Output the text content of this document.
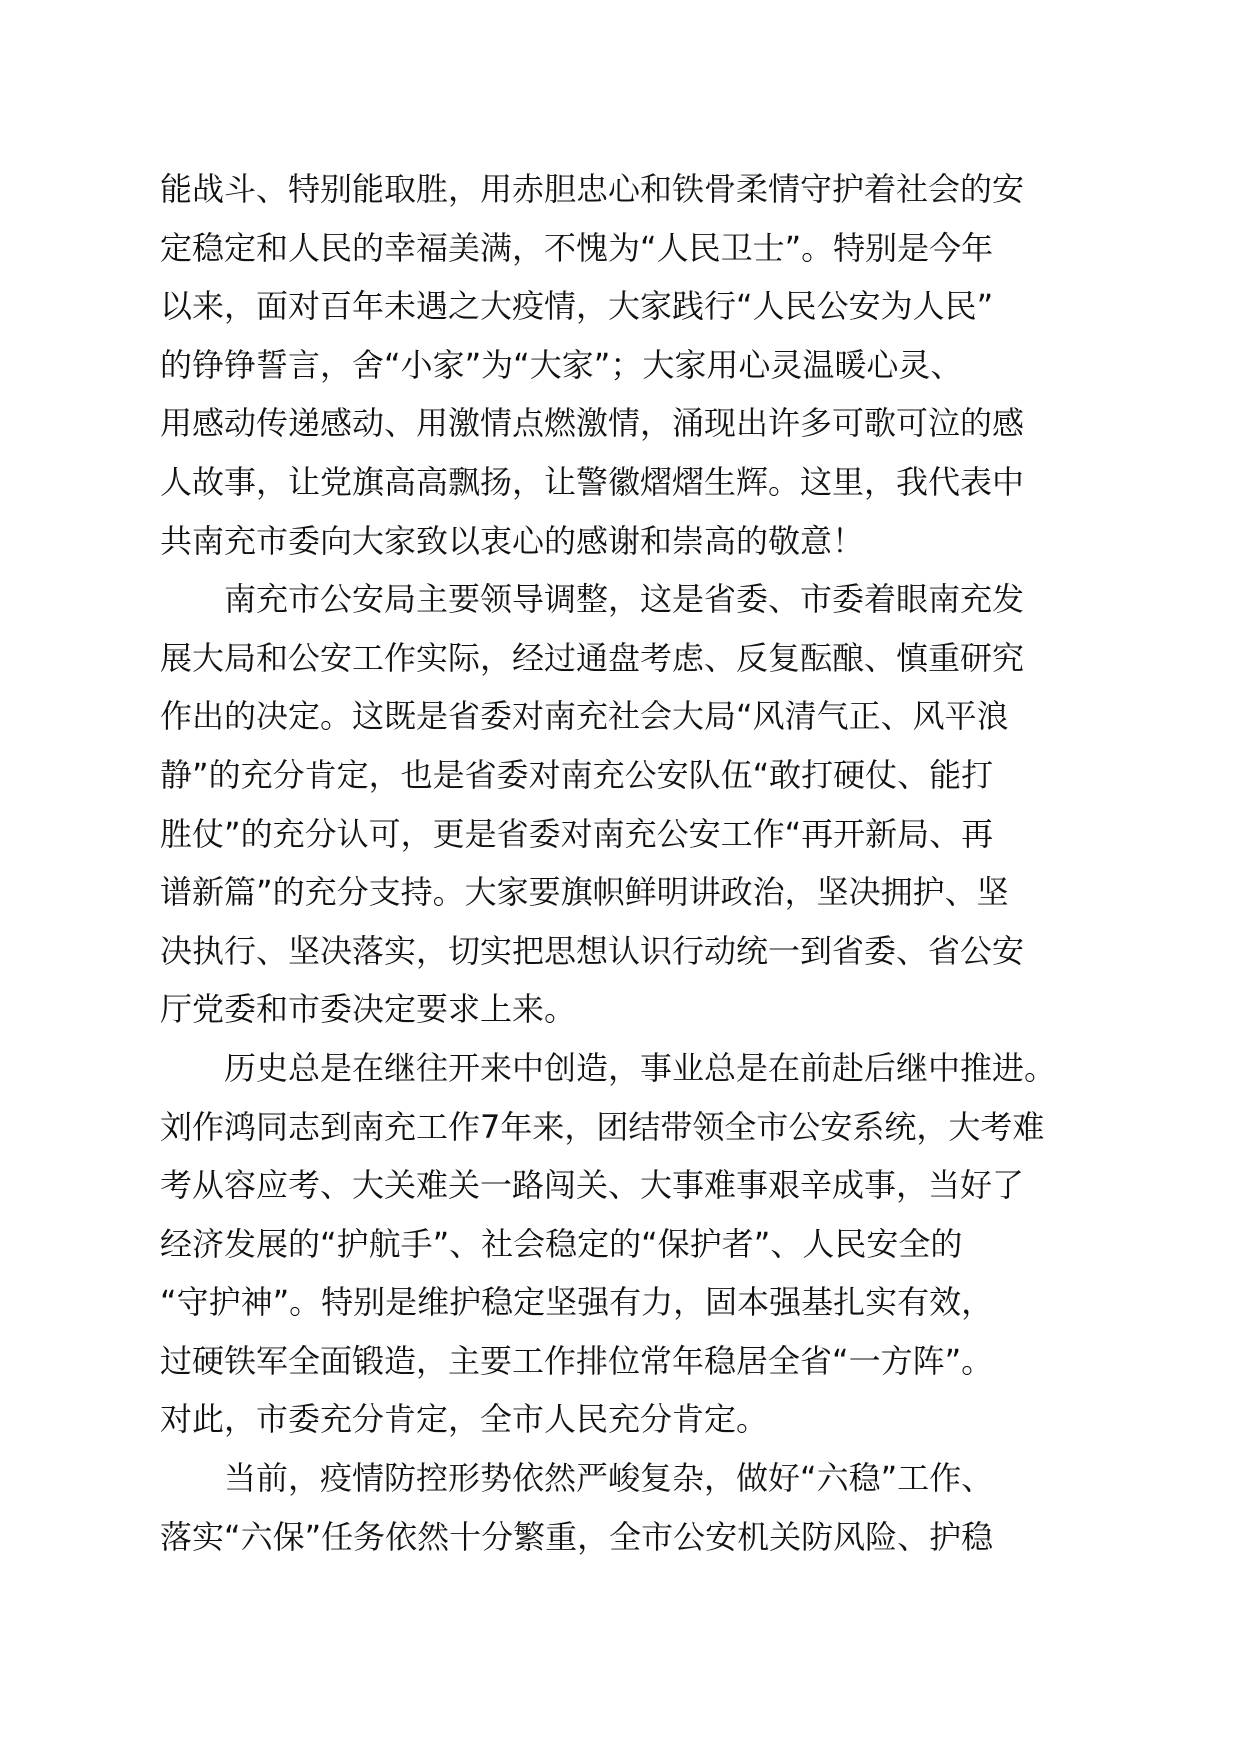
能战斗、特别能取胜，用赤胆忠心和铁骨柔情守护着社会的安
定稳定和人民的幸福美满，不愧为“人民卫士”。特别是今年
以来，面对百年未遇之大疫情，大家践行“人民公安为人民”
的铮铮誓言，舍“小家”为“大家”；大家用心灵温暖心灵、
用感动传递感动、用激情点燃激情，涌现出许多可歌可泣的感
人故事，让党旗高高飘扬，让警徽熠熠生辉。这里，我代表中
共南充市委向大家致以衷心的感谢和崇高的敬意！
南充市公安局主要领导调整，这是省委、市委着眼南充发
展大局和公安工作实际，经过通盘考虑、反复酝酿、慎重研究
作出的决定。这既是省委对南充社会大局“风清气正、风平浪
静”的充分肯定，也是省委对南充公安队伍“敢打硬仗、能打
胜仗”的充分认可，更是省委对南充公安工作“再开新局、再
谱新篇”的充分支持。大家要旗帜鲜明讲政治，坚决拥护、坚
决执行、坚决落实，切实把思想认识行动统一到省委、省公安
厅党委和市委决定要求上来。
历史总是在继往开来中创造，事业总是在前赴后继中推进。
刘作鸿同志到南充工作7年来，团结带领全市公安系统，大考难
考从容应考、大关难关一路闯关、大事难事艰辛成事，当好了
经济发展的“护航手”、社会稳定的“保护者”、人民安全的
“守护神”。特别是维护稳定坚强有力，固本强基扎实有效，
过硬铁军全面锻造，主要工作排位常年稳居全省“一方阵”。
对此，市委充分肯定，全市人民充分肯定。
当前，疫情防控形势依然严峻复杂，做好“六稳”工作、
落实“六保”任务依然十分繁重，全市公安机关防风险、护稳
